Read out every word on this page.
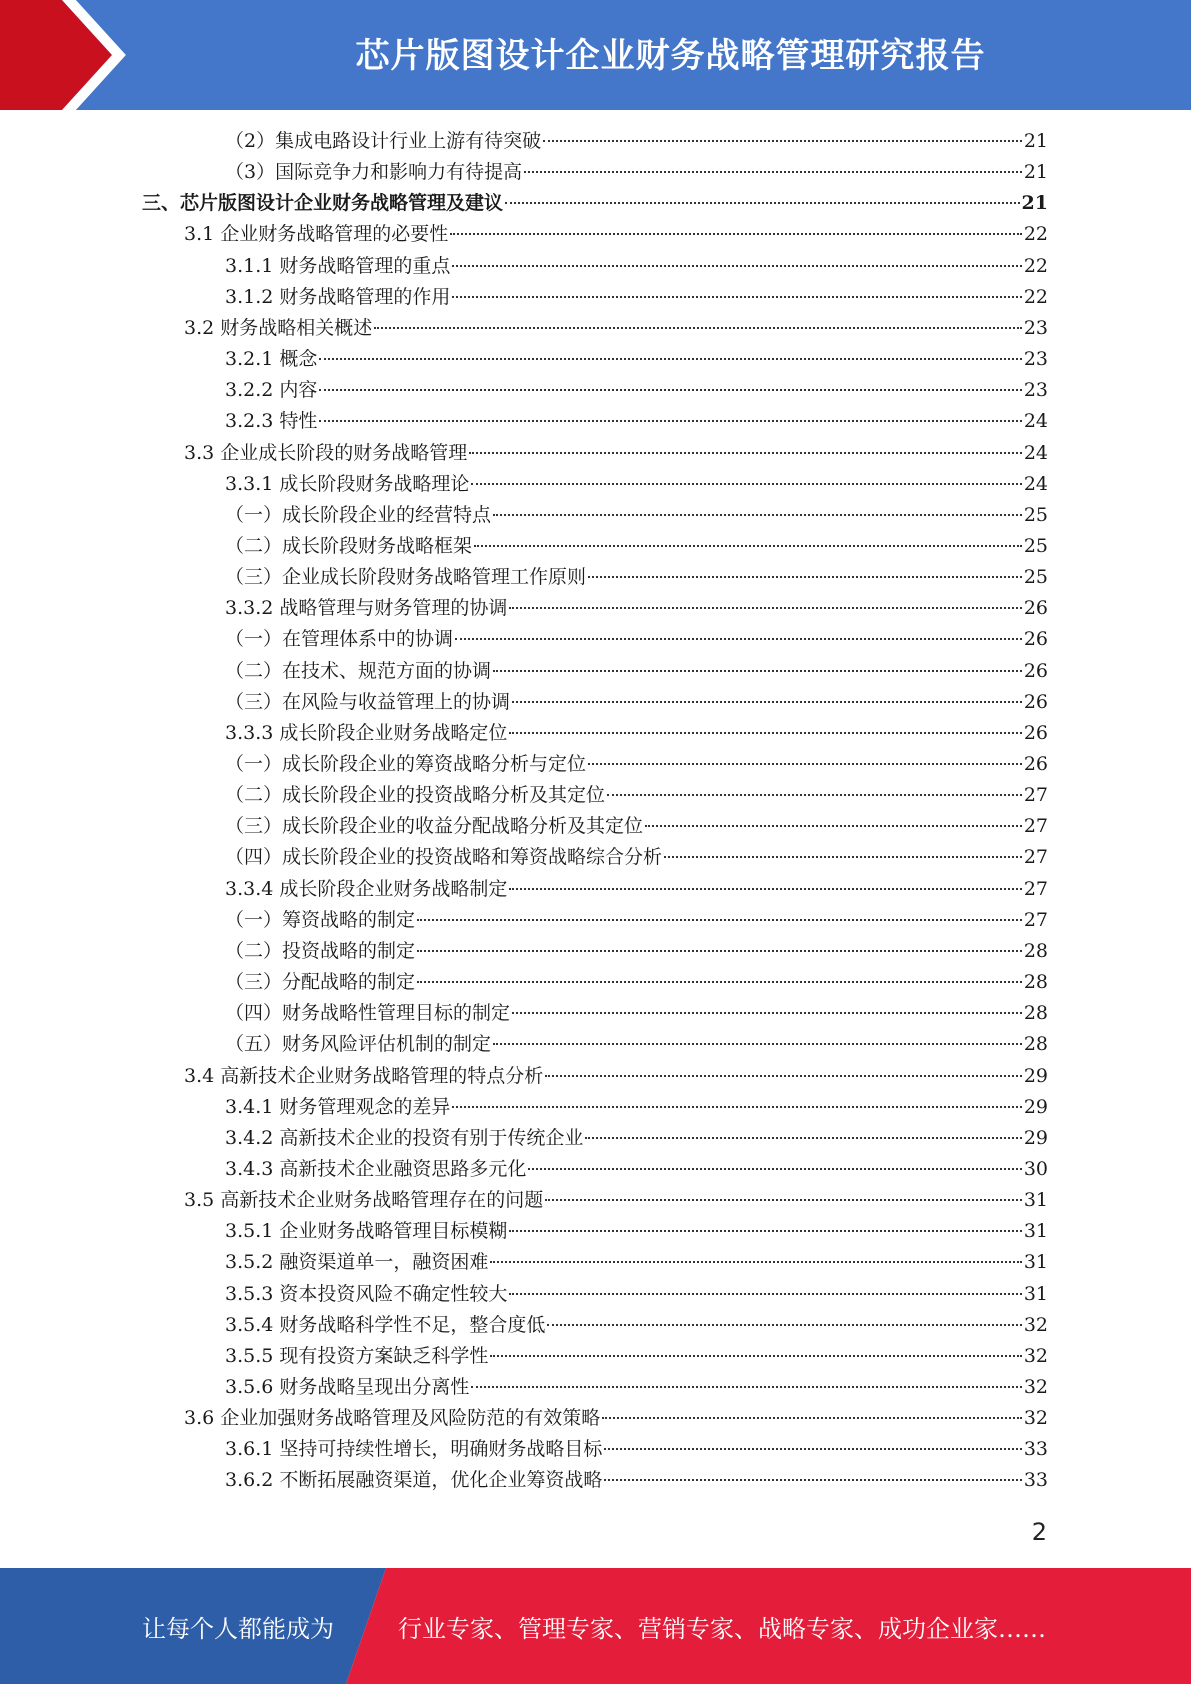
芯片版图设计企业财务战略管理研究报告
（2）集成电路设计行业上游有待突破	21
（3）国际竞争力和影响力有待提高	21
三、芯片版图设计企业财务战略管理及建议	21
3.1 企业财务战略管理的必要性	22
3.1.1 财务战略管理的重点	22
3.1.2 财务战略管理的作用	22
3.2 财务战略相关概述	23
3.2.1 概念	23
3.2.2 内容	23
3.2.3 特性	24
3.3 企业成长阶段的财务战略管理	24
3.3.1 成长阶段财务战略理论	24
（一）成长阶段企业的经营特点	25
（二）成长阶段财务战略框架	25
（三）企业成长阶段财务战略管理工作原则	25
3.3.2 战略管理与财务管理的协调	26
（一）在管理体系中的协调	26
（二）在技术、规范方面的协调	26
（三）在风险与收益管理上的协调	26
3.3.3 成长阶段企业财务战略定位	26
（一）成长阶段企业的筹资战略分析与定位	26
（二）成长阶段企业的投资战略分析及其定位	27
（三）成长阶段企业的收益分配战略分析及其定位	27
（四）成长阶段企业的投资战略和筹资战略综合分析	27
3.3.4 成长阶段企业财务战略制定	27
（一）筹资战略的制定	27
（二）投资战略的制定	28
（三）分配战略的制定	28
（四）财务战略性管理目标的制定	28
（五）财务风险评估机制的制定	28
3.4 高新技术企业财务战略管理的特点分析	29
3.4.1 财务管理观念的差异	29
3.4.2 高新技术企业的投资有别于传统企业	29
3.4.3 高新技术企业融资思路多元化	30
3.5 高新技术企业财务战略管理存在的问题	31
3.5.1 企业财务战略管理目标模糊	31
3.5.2 融资渠道单一，融资困难	31
3.5.3 资本投资风险不确定性较大	31
3.5.4 财务战略科学性不足，整合度低	32
3.5.5 现有投资方案缺乏科学性	32
3.5.6 财务战略呈现出分离性	32
3.6 企业加强财务战略管理及风险防范的有效策略	32
3.6.1 坚持可持续性增长，明确财务战略目标	33
3.6.2 不断拓展融资渠道，优化企业筹资战略	33
2
让每个人都能成为	行业专家、管理专家、营销专家、战略专家、成功企业家……
